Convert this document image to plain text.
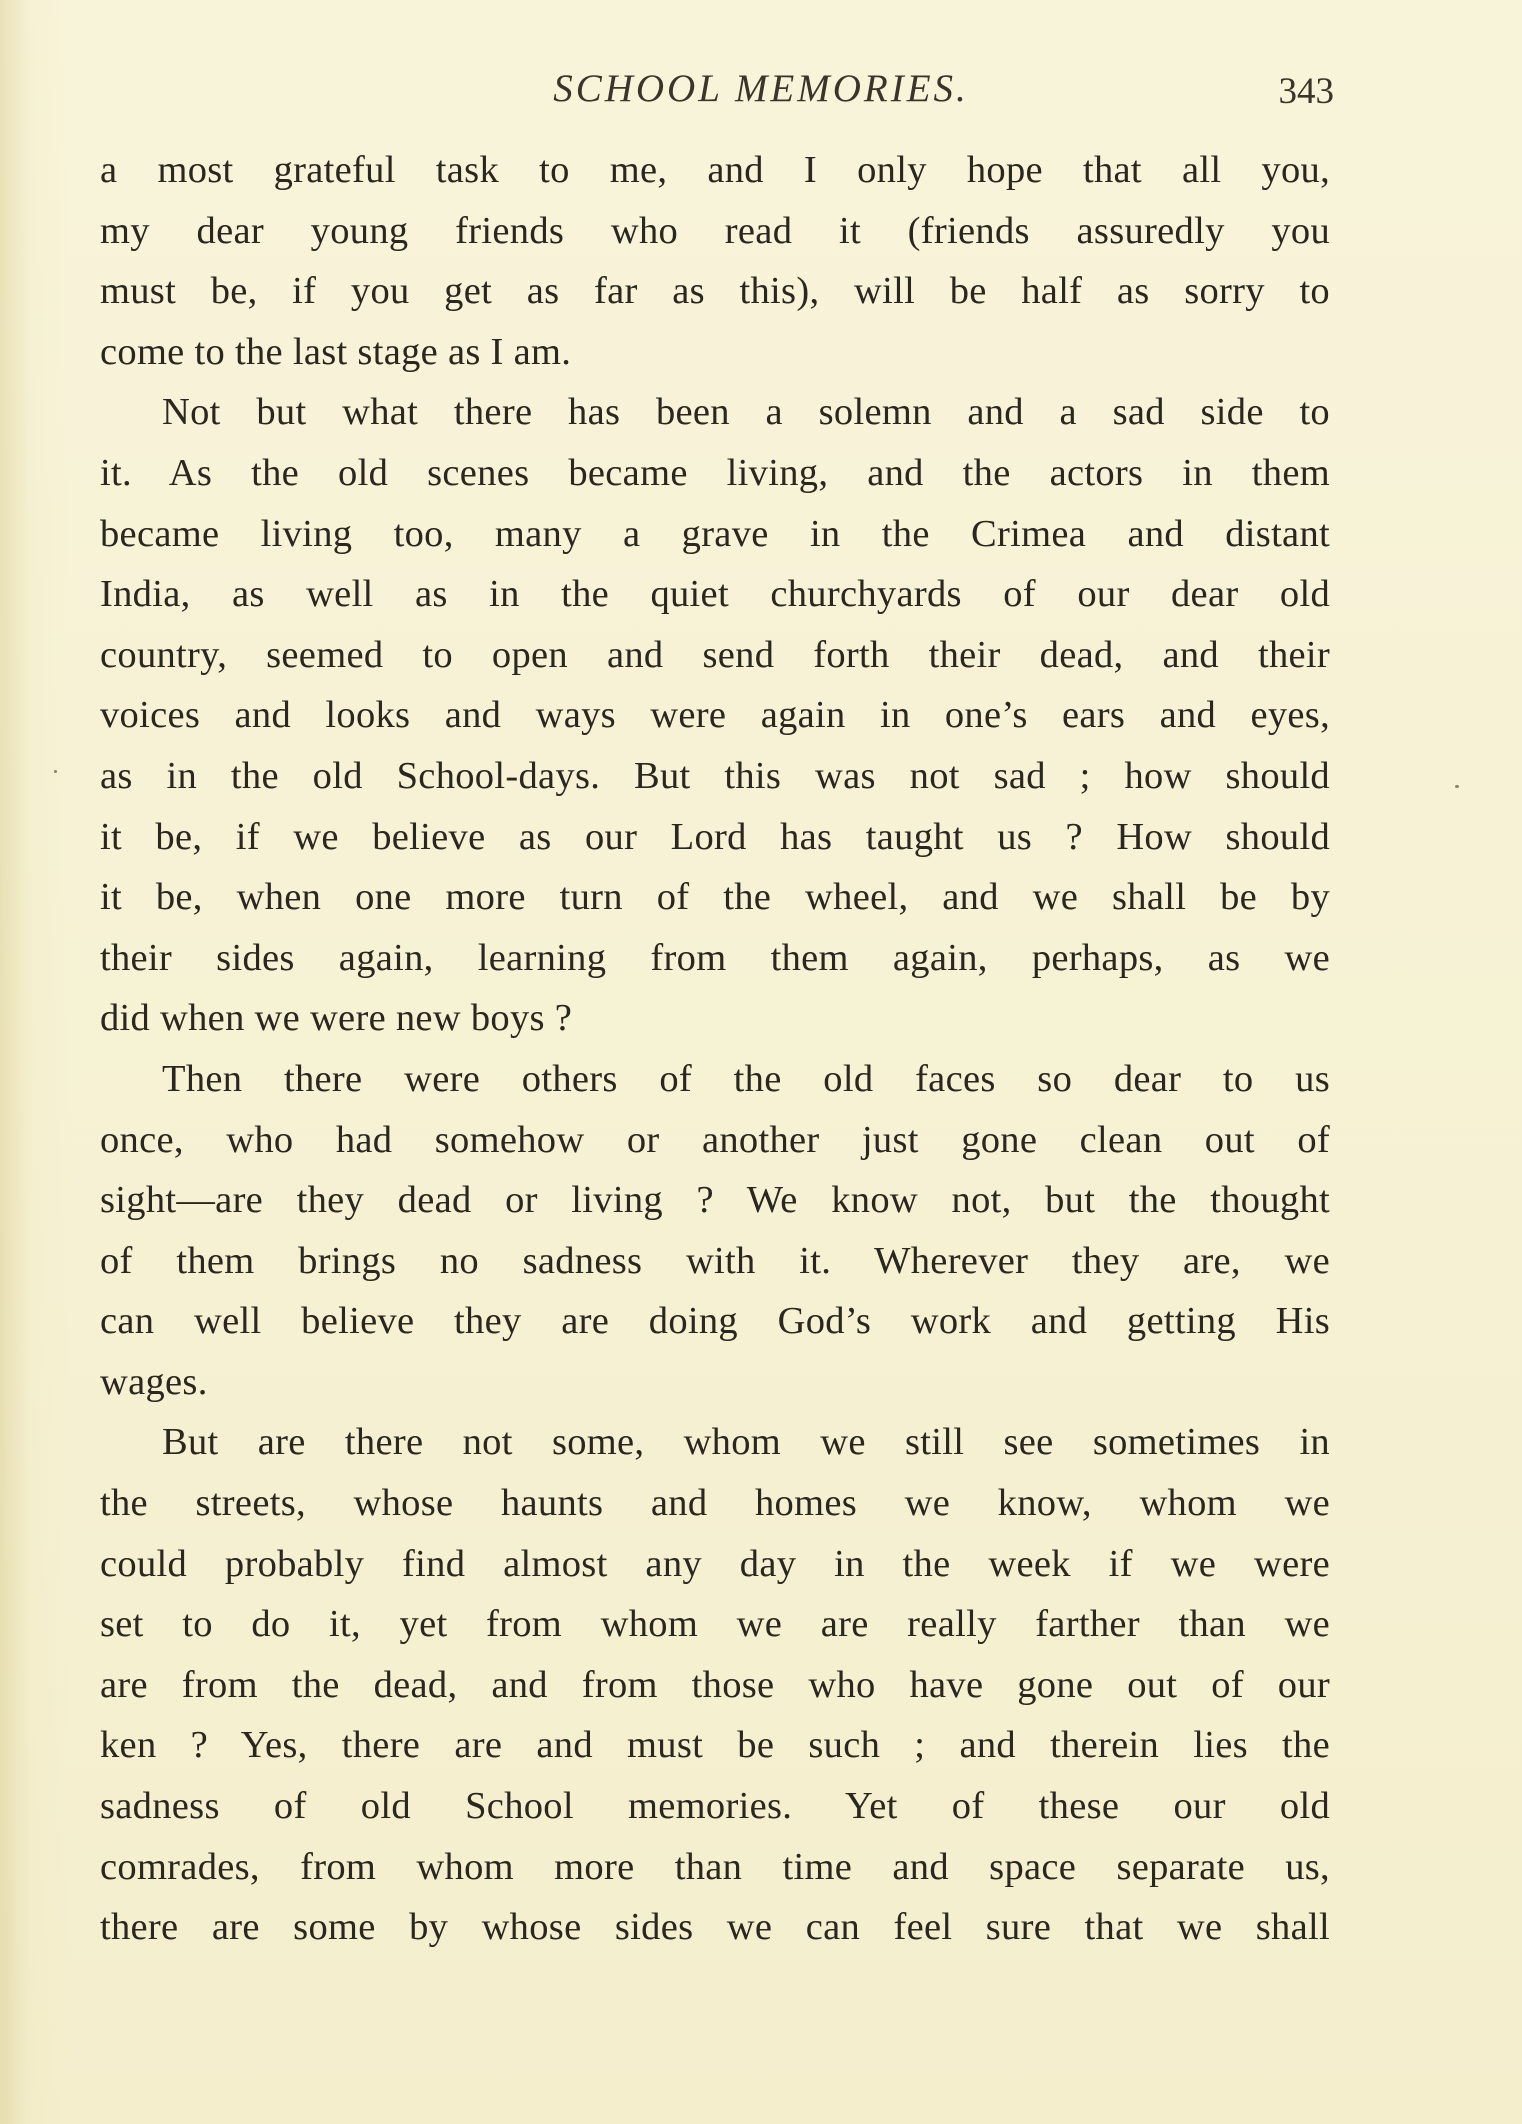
SCHOOL MEMORIES.	343
a most grateful task to me, and I only hope that all you,
my dear young friends who read it (friends assuredly you
must be, if you get as far as this), will be half as sorry to
come to the last stage as I am.
Not but what there has been a solemn and a sad side to
it. As the old scenes became living, and the actors in them
became living too, many a grave in the Crimea and distant
India, as well as in the quiet churchyards of our dear old
country, seemed to open and send forth their dead, and their
voices and looks and ways were again in one’s ears and eyes,
as in the old School-days. But this was not sad ; how should
it be, if we believe as our Lord has taught us ? How should
it be, when one more turn of the wheel, and we shall be by
their sides again, learning from them again, perhaps, as we
did when we were new boys ?
Then there were others of the old faces so dear to us
once, who had somehow or another just gone clean out of
sight—are they dead or living ? We know not, but the thought
of them brings no sadness with it. Wherever they are, we
can well believe they are doing God’s work and getting His
wages.
But are there not some, whom we still see sometimes in
the streets, whose haunts and homes we know, whom we
could probably find almost any day in the week if we were
set to do it, yet from whom we are really farther than we
are from the dead, and from those who have gone out of our
ken ? Yes, there are and must be such ; and therein lies the
sadness of old School memories. Yet of these our old
comrades, from whom more than time and space separate us,
there are some by whose sides we can feel sure that we shall
